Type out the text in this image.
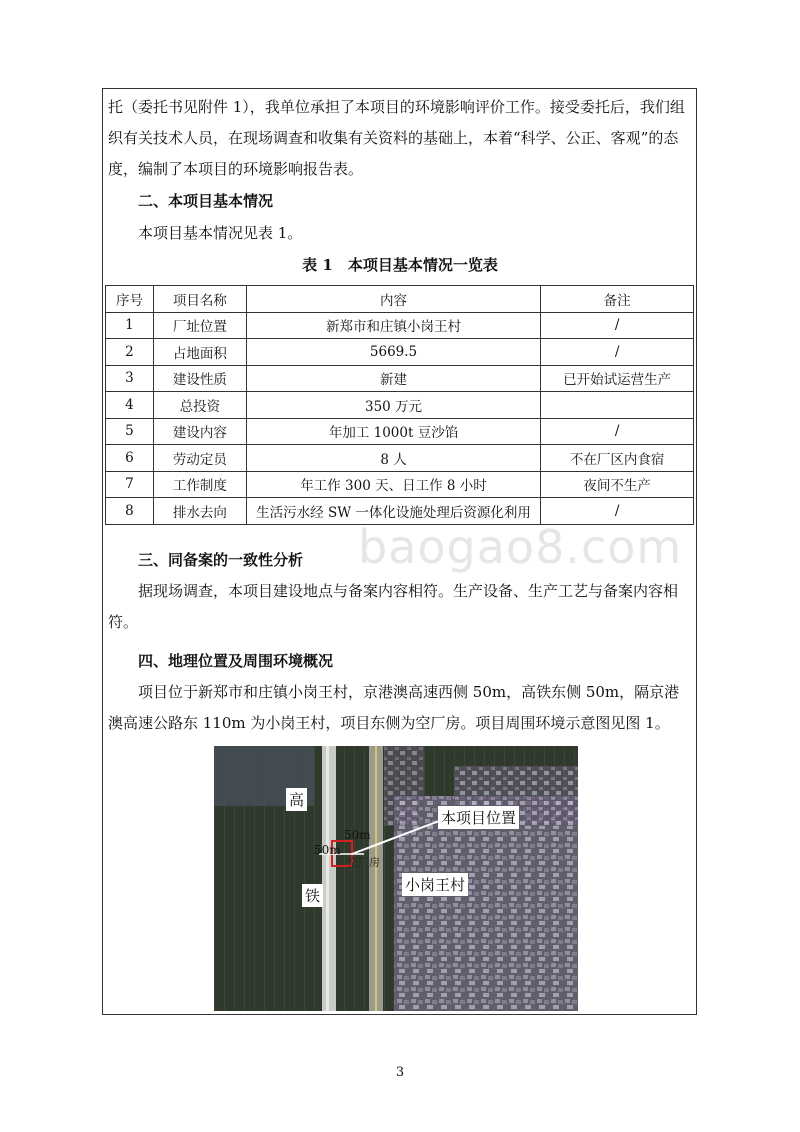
托（委托书见附件 1），我单位承担了本项目的环境影响评价工作。接受委托后，我们组织有关技术人员，在现场调查和收集有关资料的基础上，本着“科学、公正、客观”的态度，编制了本项目的环境影响报告表。

二、本项目基本情况

本项目基本情况见表 1。

表 1　本项目基本情况一览表

序号	项目名称	内容	备注
1	厂址位置	新郑市和庄镇小岗王村	/
2	占地面积	5669.5	/
3	建设性质	新建	已开始试运营生产
4	总投资	350 万元	
5	建设内容	年加工 1000t 豆沙馅	/
6	劳动定员	8 人	不在厂区内食宿
7	工作制度	年工作 300 天、日工作 8 小时	夜间不生产
8	排水去向	生活污水经 SW 一体化设施处理后资源化利用	/

baogao8.com

三、同备案的一致性分析

据现场调查，本项目建设地点与备案内容相符。生产设备、生产工艺与备案内容相符。

四、地理位置及周围环境概况

项目位于新郑市和庄镇小岗王村，京港澳高速西侧 50m，高铁东侧 50m，隔京港澳高速公路东 110m 为小岗王村，项目东侧为空厂房。项目周围环境示意图见图 1。

高
铁
本项目位置
小岗王村
50m
50m
空厂房

3
